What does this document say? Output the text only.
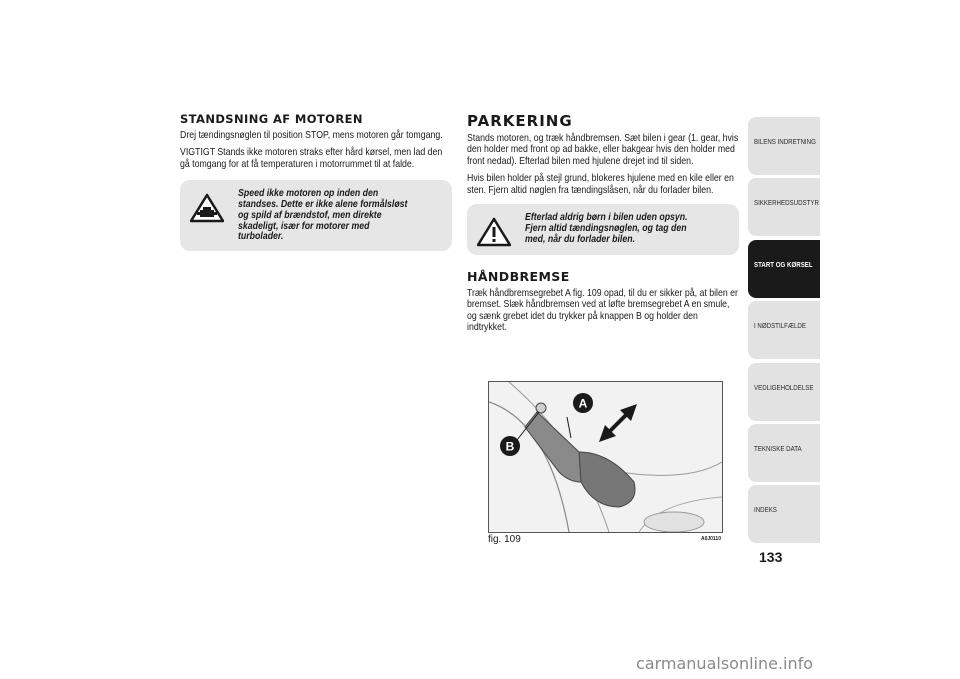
STANDSNING AF MOTOREN

Drej tændingsnøglen til position STOP, mens motoren går tomgang.

VIGTIGT Stands ikke motoren straks efter hård kørsel, men lad den gå tomgang for at få temperaturen i motorrummet til at falde.

Speed ikke motoren op inden den standses. Dette er ikke alene formålsløst og spild af brændstof, men direkte skadeligt, især for motorer med turbolader.
PARKERING

Stands motoren, og træk håndbremsen. Sæt bilen i gear (1. gear, hvis den holder med front op ad bakke, eller bakgear hvis den holder med front nedad). Efterlad bilen med hjulene drejet ind til siden.

Hvis bilen holder på stejl grund, blokeres hjulene med en kile eller en sten. Fjern altid nøglen fra tændingslåsen, når du forlader bilen.

Efterlad aldrig børn i bilen uden opsyn. Fjern altid tændingsnøglen, og tag den med, når du forlader bilen.
HÅNDBREMSE

Træk håndbremsegrebet A fig. 109 opad, til du er sikker på, at bilen er bremset. Slæk håndbremsen ved at løfte bremsegrebet A en smule, og sænk grebet idet du trykker på knappen B og holder den indtrykket.

A
B
fig. 109	A0J0110
BILENS INDRETNING
SIKKERHEDSUDSTYR
START OG KØRSEL
I NØDSTILFÆLDE
VEDLIGEHOLDELSE
TEKNISKE DATA
INDEKS
133
carmanualsonline.info
